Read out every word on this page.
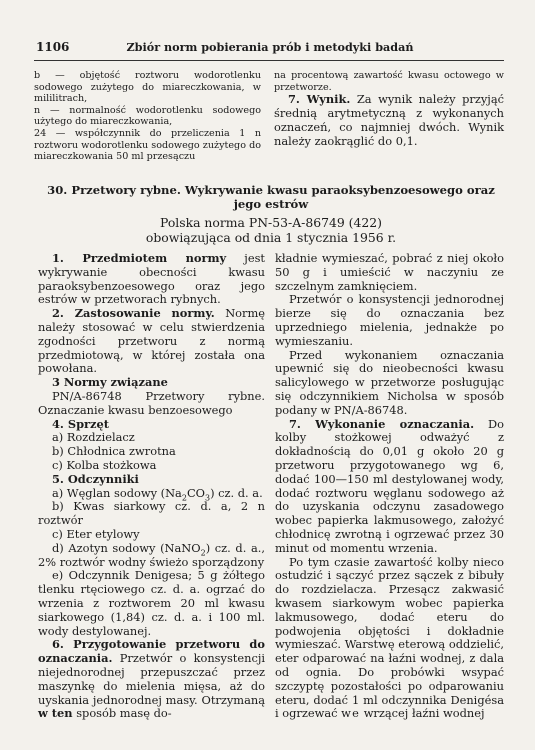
1106	Zbiór norm pobierania prób i metodyki badań

b — objętość roztworu wodorotlenku sodowego zużytego do miareczkowania, w mililitrach,

n — normalność wodorotlenku sodowego użytego do miareczkowania,

24 — współczynnik do przeliczenia 1 n roztworu wodorotlenku sodowego zużytego do miareczkowania 50 ml przesączu

na procentową zawartość kwasu octowego w przetworze.

7. Wynik. Za wynik należy przyjąć średnią arytmetyczną z wykonanych oznaczeń, co najmniej dwóch. Wynik należy zaokrąglić do 0,1.

30. Przetwory rybne. Wykrywanie kwasu paraoksybenzoesowego oraz
jego estrów
Polska norma PN-53-A-86749 (422)
obowiązująca od dnia 1 stycznia 1956 r.

1. Przedmiotem normy jest wykrywanie obecności kwasu paraoksybenzoesowego oraz jego estrów w przetworach rybnych.

2. Zastosowanie normy. Normę należy stosować w celu stwierdzenia zgodności przetworu z normą przedmiotową, w której została ona powołana.

3 Normy związane

PN/A-86748 Przetwory rybne. Oznaczanie kwasu benzoesowego

4. Sprzęt

a) Rozdzielacz

b) Chłodnica zwrotna

c) Kolba stożkowa

5. Odczynniki

a) Węglan sodowy $(Na_2CO_3)$ cz. d. a.

b) Kwas siarkowy cz. d. a, 2 n roztwór

c) Eter etylowy

d) Azotyn sodowy (NaNO$_2$) cz. d. a., 2% roztwór wodny świeżo sporządzony

e) Odczynnik Denigesa; 5 g żółtego tlenku rtęciowego cz. d. a. ogrzać do wrzenia z roztworem 20 ml kwasu siarkowego (1,84) cz. d. a. i 100 ml. wody destylowanej.

6. Przygotowanie przetworu do oznaczania. Przetwór o konsystencji niejednorodnej przepuszczać przez maszynkę do mielenia mięsa, aż do uyskania jednorodnej masy. Otrzymaną w ten sposób masę do-

kładnie wymieszać, pobrać z niej około 50 g i umieścić w naczyniu ze szczelnym zamknięciem.

Przetwór o konsystencji jednorodnej bierze się do oznaczania bez uprzedniego mielenia, jednakże po wymieszaniu.

Przed wykonaniem oznaczania upewnić się do nieobecności kwasu salicylowego w przetworze posługując się odczynnikiem Nicholsa w sposób podany w PN/A-86748.

7. Wykonanie oznaczania. Do kolby stożkowej odważyć z dokładnością do 0,01 g około 20 g przetworu przygotowanego wg 6, dodać 100—150 ml destylowanej wody, dodać roztworu węglanu sodowego aż do uzyskania odczynu zasadowego wobec papierka lakmusowego, założyć chłodnicę zwrotną i ogrzewać przez 30 minut od momentu wrzenia.

Po tym czasie zawartość kolby nieco ostudzić i sączyć przez sączek z bibuły do rozdzielacza. Przesącz zakwasić kwasem siarkowym wobec papierka lakmusowego, dodać eteru do podwojenia objętości i dokładnie wymieszać. Warstwę eterową oddzielić, eter odparować na łaźni wodnej, z dala od ognia. Do probówki wsypać szczyptę pozostałości po odparowaniu eteru, dodać 1 ml odczynnika Denigésa i ogrzewać we wrzącej łaźni wodnej
